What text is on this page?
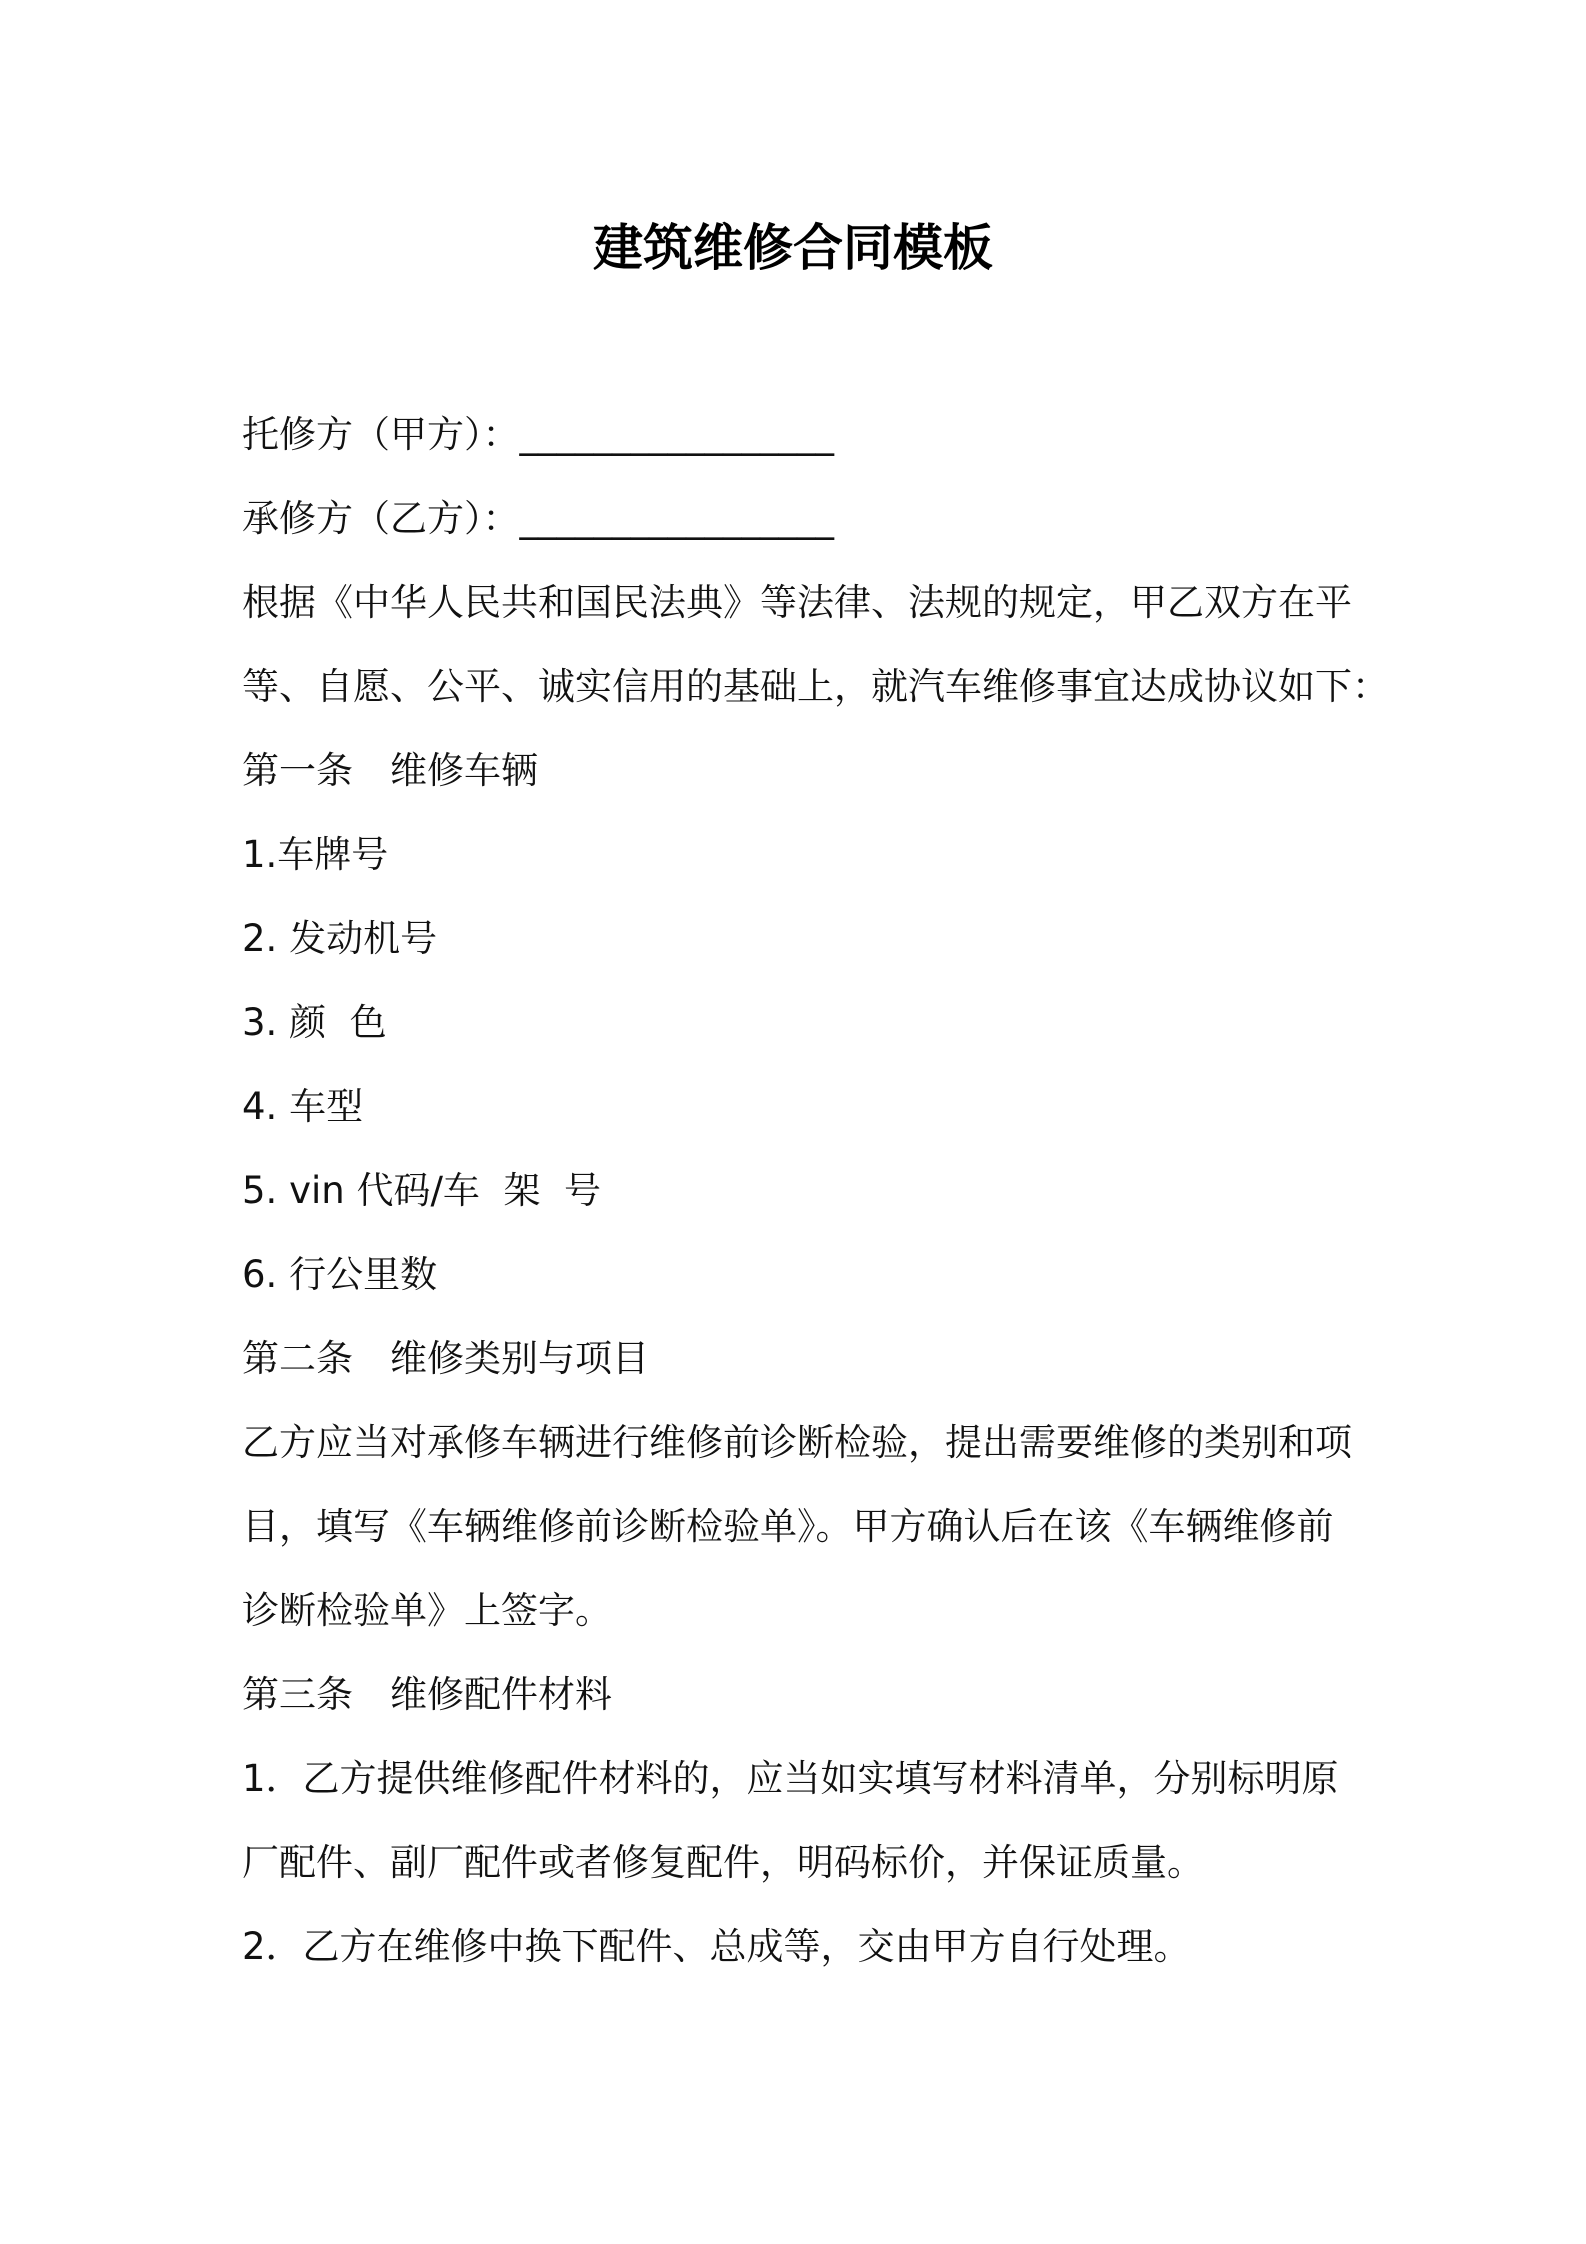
建筑维修合同模板
托修方（甲方）：_________________
承修方（乙方）：_________________
根据《中华人民共和国民法典》等法律、法规的规定，甲乙双方在平
等、自愿、公平、诚实信用的基础上，就汽车维修事宜达成协议如下：
第一条　维修车辆
1.车牌号
2. 发动机号
3. 颜  色
4. 车型
5. vin 代码/车  架  号
6. 行公里数
第二条　维修类别与项目
乙方应当对承修车辆进行维修前诊断检验，提出需要维修的类别和项
目，填写《车辆维修前诊断检验单》。甲方确认后在该《车辆维修前
诊断检验单》上签字。
第三条　维修配件材料
1．乙方提供维修配件材料的，应当如实填写材料清单，分别标明原
厂配件、副厂配件或者修复配件，明码标价，并保证质量。
2．乙方在维修中换下配件、总成等，交由甲方自行处理。
